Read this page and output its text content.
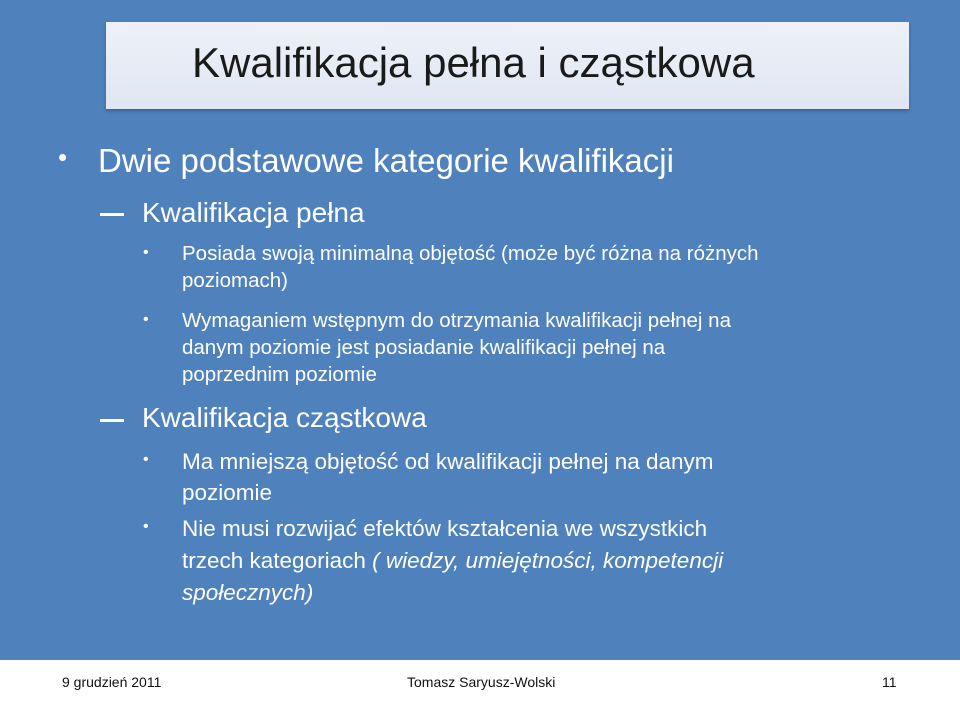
Kwalifikacja pełna i cząstkowa
• Dwie podstawowe kategorie kwalifikacji
Kwalifikacja pełna
• Posiada swoją minimalną objętość (może być różna na różnych
poziomach)
• Wymaganiem wstępnym do otrzymania kwalifikacji pełnej na
danym poziomie jest posiadanie kwalifikacji pełnej na
poprzednim poziomie
Kwalifikacja cząstkowa
• Ma mniejszą objętość od kwalifikacji pełnej na danym
poziomie
• Nie musi rozwijać efektów kształcenia we wszystkich
trzech kategoriach ( wiedzy, umiejętności, kompetencji
społecznych)
9 grudzień 2011	Tomasz Saryusz-Wolski	11
